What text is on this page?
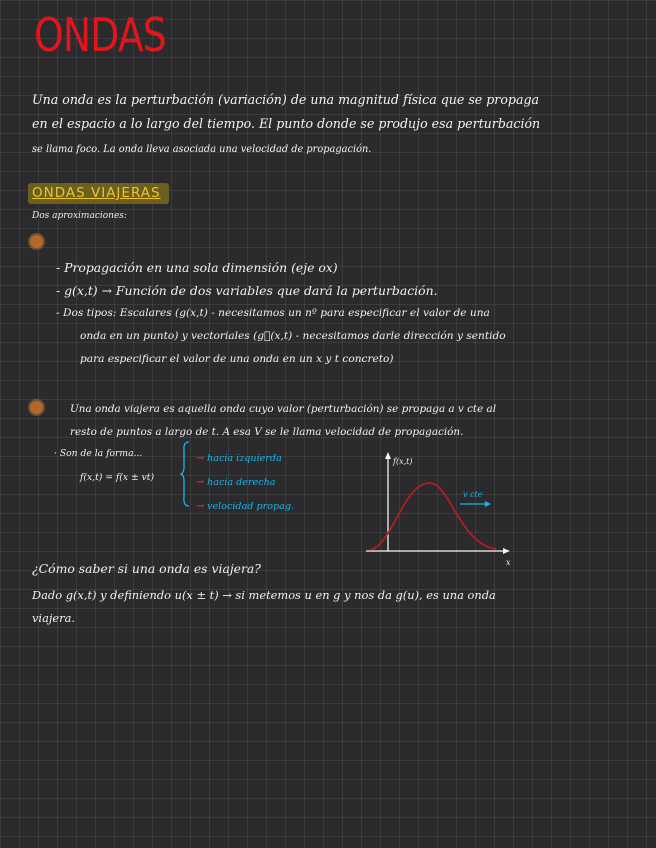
ONDAS

Una onda es la perturbación (variación) de una magnitud física que se propaga
en el espacio a lo largo del tiempo. El punto donde se produjo esa perturbación
se llama foco. La onda lleva asociada una velocidad de propagación.

ONDAS VIAJERAS
Dos aproximaciones:
- Propagación en una sola dimensión (eje ox)
- g(x,t) → Función de dos variables que dará la perturbación.
- Dos tipos: Escalares (g(x,t) - necesitamos un nº para especificar el valor de una
onda en un punto) y vectoriales (g⃗(x,t) - necesitamos darle dirección y sentido
para especificar el valor de una onda en un x y t concreto)

Una onda viajera es aquella onda cuyo valor (perturbación) se propaga a v cte al
resto de puntos a largo de t. A esa V se le llama velocidad de propagación.

· Son de la forma...
f(x,t) = f(x ± vt)
→ hacia izquierda
→ hacia derecha
→ velocidad propag.
v cte
f(x,t)
x
¿Cómo saber si una onda es viajera?

Dado g(x,t) y definiendo u(x ± t) → si metemos u en g y nos da g(u), es una onda
viajera.
